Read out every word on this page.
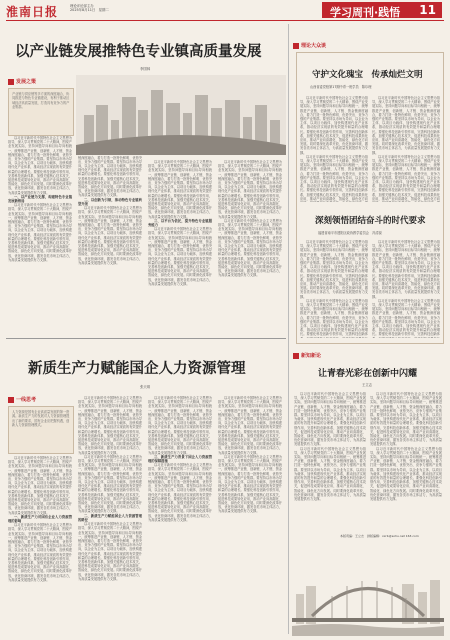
淮南日报	理论评论部主办
2025年8月11日　星期二	学习周刊·践悟 11
以产业链发展推特色专业镇高质量发展
李国林
发展之策
产业链与供应链等多方面的深度融合，协同推进与特色专业镇建设，有利于推动区域经济高质量发展，打造具有竞争力的产业集群。

以习近平新时代中国特色社会主义思想为指导，深入学习贯彻党的二十大精神，围绕产业发展实际，坚持问题导向和目标导向相统一，统筹推进产业链、创新链、人才链、资金链深度融合，着力打造一批特色鲜明、优势突出、竞争力强的产业集群。要坚持以市场为导向，以企业为主体，以项目为载体，加快构建现代化产业体系，推动经济实现质的有效提升和量的合理增长。要强化科技创新引领作用，完善科技创新体系，加强关键核心技术攻关，促进科技成果转化应用，推动产业向高端化、智能化、绿色化方向发展。同时要深化改革开放，优化营商环境，激发各类市场主体活力，为高质量发展提供有力支撑。

一、以产业链为支撑，构建特色专业镇发展新格局

以习近平新时代中国特色社会主义思想为指导，深入学习贯彻党的二十大精神，围绕产业发展实际，坚持问题导向和目标导向相统一，统筹推进产业链、创新链、人才链、资金链深度融合，着力打造一批特色鲜明、优势突出、竞争力强的产业集群。要坚持以市场为导向，以企业为主体，以项目为载体，加快构建现代化产业体系，推动经济实现质的有效提升和量的合理增长。要强化科技创新引领作用，完善科技创新体系，加强关键核心技术攻关，促进科技成果转化应用，推动产业向高端化、智能化、绿色化方向发展。同时要深化改革开放，优化营商环境，激发各类市场主体活力，为高质量发展提供有力支撑。

链深度融合，着力打造一批特色鲜明、优势突出、竞争力强的产业集群。要坚持以市场为导向，以企业为主体，以项目为载体，加快构建现代化产业体系，推动经济实现质的有效提升和量的合理增长。要强化科技创新引领作用，完善科技创新体系，加强关键核心技术攻关，促进科技成果转化应用，推动产业向高端化、智能化、绿色化方向发展。同时要深化改革开放，优化营商环境，激发各类市场主体活力，为高质量发展提供有力支撑。

二、以创新为引领，推动特色专业镇转型升级

以习近平新时代中国特色社会主义思想为指导，深入学习贯彻党的二十大精神，围绕产业发展实际，坚持问题导向和目标导向相统一，统筹推进产业链、创新链、人才链、资金链深度融合，着力打造一批特色鲜明、优势突出、竞争力强的产业集群。要坚持以市场为导向，以企业为主体，以项目为载体，加快构建现代化产业体系，推动经济实现质的有效提升和量的合理增长。要强化科技创新引领作用，完善科技创新体系，加强关键核心技术攻关，促进科技成果转化应用，推动产业向高端化、智能化、绿色化方向发展。同时要深化改革开放，优化营商环境，激发各类市场主体活力，为高质量发展提供有力支撑。

以习近平新时代中国特色社会主义思想为指导，深入学习贯彻党的二十大精神，围绕产业发展实际，坚持问题导向和目标导向相统一，统筹推进产业链、创新链、人才链、资金链深度融合，着力打造一批特色鲜明、优势突出、竞争力强的产业集群。要坚持以市场为导向，以企业为主体，以项目为载体，加快构建现代化产业体系，推动经济实现质的有效提升和量的合理增长。要强化科技创新引领作用，完善科技创新体系，加强关键核心技术攻关，促进科技成果转化应用，推动产业向高端化、智能化、绿色化方向发展。同时要深化改革开放，优化营商环境，激发各类市场主体活力，为高质量发展提供有力支撑。

三、以平台为依托，提升特色专业镇服务能力

以习近平新时代中国特色社会主义思想为指导，深入学习贯彻党的二十大精神，围绕产业发展实际，坚持问题导向和目标导向相统一，统筹推进产业链、创新链、人才链、资金链深度融合，着力打造一批特色鲜明、优势突出、竞争力强的产业集群。要坚持以市场为导向，以企业为主体，以项目为载体，加快构建现代化产业体系，推动经济实现质的有效提升和量的合理增长。要强化科技创新引领作用，完善科技创新体系，加强关键核心技术攻关，促进科技成果转化应用，推动产业向高端化、智能化、绿色化方向发展。同时要深化改革开放，优化营商环境，激发各类市场主体活力，为高质量发展提供有力支撑。

以习近平新时代中国特色社会主义思想为指导，深入学习贯彻党的二十大精神，围绕产业发展实际，坚持问题导向和目标导向相统一，统筹推进产业链、创新链、人才链、资金链深度融合，着力打造一批特色鲜明、优势突出、竞争力强的产业集群。要坚持以市场为导向，以企业为主体，以项目为载体，加快构建现代化产业体系，推动经济实现质的有效提升和量的合理增长。要强化科技创新引领作用，完善科技创新体系，加强关键核心技术攻关，促进科技成果转化应用，推动产业向高端化、智能化、绿色化方向发展。同时要深化改革开放，优化营商环境，激发各类市场主体活力，为高质量发展提供有力支撑。

以习近平新时代中国特色社会主义思想为指导，深入学习贯彻党的二十大精神，围绕产业发展实际，坚持问题导向和目标导向相统一，统筹推进产业链、创新链、人才链、资金链深度融合，着力打造一批特色鲜明、优势突出、竞争力强的产业集群。要坚持以市场为导向，以企业为主体，以项目为载体，加快构建现代化产业体系，推动经济实现质的有效提升和量的合理增长。要强化科技创新引领作用，完善科技创新体系，加强关键核心技术攻关，促进科技成果转化应用，推动产业向高端化、智能化、绿色化方向发展。同时要深化改革开放，优化营商环境，激发各类市场主体活力，为高质量发展提供有力支撑。

新质生产力赋能国企人力资源管理
张天琪
一线思考
人力资源是国有企业高质量发展的第一资源。新质生产力的发展对人力资源管理提出了新的要求，国有企业应把握机遇，创新人力资源管理模式。

以习近平新时代中国特色社会主义思想为指导，深入学习贯彻党的二十大精神，围绕产业发展实际，坚持问题导向和目标导向相统一，统筹推进产业链、创新链、人才链、资金链深度融合，着力打造一批特色鲜明、优势突出、竞争力强的产业集群。要坚持以市场为导向，以企业为主体，以项目为载体，加快构建现代化产业体系，推动经济实现质的有效提升和量的合理增长。要强化科技创新引领作用，完善科技创新体系，加强关键核心技术攻关，促进科技成果转化应用，推动产业向高端化、智能化、绿色化方向发展。同时要深化改革开放，优化营商环境，激发各类市场主体活力，为高质量发展提供有力支撑。

一、新质生产力对国有企业人力资源管理的影响

以习近平新时代中国特色社会主义思想为指导，深入学习贯彻党的二十大精神，围绕产业发展实际，坚持问题导向和目标导向相统一，统筹推进产业链、创新链、人才链、资金链深度融合，着力打造一批特色鲜明、优势突出、竞争力强的产业集群。要坚持以市场为导向，以企业为主体，以项目为载体，加快构建现代化产业体系，推动经济实现质的有效提升和量的合理增长。要强化科技创新引领作用，完善科技创新体系，加强关键核心技术攻关，促进科技成果转化应用，推动产业向高端化、智能化、绿色化方向发展。同时要深化改革开放，优化营商环境，激发各类市场主体活力，为高质量发展提供有力支撑。

以习近平新时代中国特色社会主义思想为指导，深入学习贯彻党的二十大精神，围绕产业发展实际，坚持问题导向和目标导向相统一，统筹推进产业链、创新链、人才链、资金链深度融合，着力打造一批特色鲜明、优势突出、竞争力强的产业集群。要坚持以市场为导向，以企业为主体，以项目为载体，加快构建现代化产业体系，推动经济实现质的有效提升和量的合理增长。要强化科技创新引领作用，完善科技创新体系，加强关键核心技术攻关，促进科技成果转化应用，推动产业向高端化、智能化、绿色化方向发展。同时要深化改革开放，优化营商环境，激发各类市场主体活力，为高质量发展提供有力支撑。

以习近平新时代中国特色社会主义思想为指导，深入学习贯彻党的二十大精神，围绕产业发展实际，坚持问题导向和目标导向相统一，统筹推进产业链、创新链、人才链、资金链深度融合，着力打造一批特色鲜明、优势突出、竞争力强的产业集群。要坚持以市场为导向，以企业为主体，以项目为载体，加快构建现代化产业体系，推动经济实现质的有效提升和量的合理增长。要强化科技创新引领作用，完善科技创新体系，加强关键核心技术攻关，促进科技成果转化应用，推动产业向高端化、智能化、绿色化方向发展。同时要深化改革开放，优化营商环境，激发各类市场主体活力，为高质量发展提供有力支撑。

二、新质生产力赋能国企人力资源管理的路径

以习近平新时代中国特色社会主义思想为指导，深入学习贯彻党的二十大精神，围绕产业发展实际，坚持问题导向和目标导向相统一，统筹推进产业链、创新链、人才链、资金链深度融合，着力打造一批特色鲜明、优势突出、竞争力强的产业集群。要坚持以市场为导向，以企业为主体，以项目为载体，加快构建现代化产业体系，推动经济实现质的有效提升和量的合理增长。要强化科技创新引领作用，完善科技创新体系，加强关键核心技术攻关，促进科技成果转化应用，推动产业向高端化、智能化、绿色化方向发展。同时要深化改革开放，优化营商环境，激发各类市场主体活力，为高质量发展提供有力支撑。

以习近平新时代中国特色社会主义思想为指导，深入学习贯彻党的二十大精神，围绕产业发展实际，坚持问题导向和目标导向相统一，统筹推进产业链、创新链、人才链、资金链深度融合，着力打造一批特色鲜明、优势突出、竞争力强的产业集群。要坚持以市场为导向，以企业为主体，以项目为载体，加快构建现代化产业体系，推动经济实现质的有效提升和量的合理增长。要强化科技创新引领作用，完善科技创新体系，加强关键核心技术攻关，促进科技成果转化应用，推动产业向高端化、智能化、绿色化方向发展。同时要深化改革开放，优化营商环境，激发各类市场主体活力，为高质量发展提供有力支撑。

三、新质生产力背景下国企人力资源管理的保障措施

以习近平新时代中国特色社会主义思想为指导，深入学习贯彻党的二十大精神，围绕产业发展实际，坚持问题导向和目标导向相统一，统筹推进产业链、创新链、人才链、资金链深度融合，着力打造一批特色鲜明、优势突出、竞争力强的产业集群。要坚持以市场为导向，以企业为主体，以项目为载体，加快构建现代化产业体系，推动经济实现质的有效提升和量的合理增长。要强化科技创新引领作用，完善科技创新体系，加强关键核心技术攻关，促进科技成果转化应用，推动产业向高端化、智能化、绿色化方向发展。同时要深化改革开放，优化营商环境，激发各类市场主体活力，为高质量发展提供有力支撑。

以习近平新时代中国特色社会主义思想为指导，深入学习贯彻党的二十大精神，围绕产业发展实际，坚持问题导向和目标导向相统一，统筹推进产业链、创新链、人才链、资金链深度融合，着力打造一批特色鲜明、优势突出、竞争力强的产业集群。要坚持以市场为导向，以企业为主体，以项目为载体，加快构建现代化产业体系，推动经济实现质的有效提升和量的合理增长。要强化科技创新引领作用，完善科技创新体系，加强关键核心技术攻关，促进科技成果转化应用，推动产业向高端化、智能化、绿色化方向发展。同时要深化改革开放，优化营商环境，激发各类市场主体活力，为高质量发展提供有力支撑。

以习近平新时代中国特色社会主义思想为指导，深入学习贯彻党的二十大精神，围绕产业发展实际，坚持问题导向和目标导向相统一，统筹推进产业链、创新链、人才链、资金链深度融合，着力打造一批特色鲜明、优势突出、竞争力强的产业集群。要坚持以市场为导向，以企业为主体，以项目为载体，加快构建现代化产业体系，推动经济实现质的有效提升和量的合理增长。要强化科技创新引领作用，完善科技创新体系，加强关键核心技术攻关，促进科技成果转化应用，推动产业向高端化、智能化、绿色化方向发展。同时要深化改革开放，优化营商环境，激发各类市场主体活力，为高质量发展提供有力支撑。

理论大众谈
守护文化瑰宝　传承灿烂文明
山西省委党校第17期中青一班学员　陈尔理

以习近平新时代中国特色社会主义思想为指导，深入学习贯彻党的二十大精神，围绕产业发展实际，坚持问题导向和目标导向相统一，统筹推进产业链、创新链、人才链、资金链深度融合，着力打造一批特色鲜明、优势突出、竞争力强的产业集群。要坚持以市场为导向，以企业为主体，以项目为载体，加快构建现代化产业体系，推动经济实现质的有效提升和量的合理增长。要强化科技创新引领作用，完善科技创新体系，加强关键核心技术攻关，促进科技成果转化应用，推动产业向高端化、智能化、绿色化方向发展。同时要深化改革开放，优化营商环境，激发各类市场主体活力，为高质量发展提供有力支撑。

以习近平新时代中国特色社会主义思想为指导，深入学习贯彻党的二十大精神，围绕产业发展实际，坚持问题导向和目标导向相统一，统筹推进产业链、创新链、人才链、资金链深度融合，着力打造一批特色鲜明、优势突出、竞争力强的产业集群。要坚持以市场为导向，以企业为主体，以项目为载体，加快构建现代化产业体系，推动经济实现质的有效提升和量的合理增长。要强化科技创新引领作用，完善科技创新体系，加强关键核心技术攻关，促进科技成果转化应用，推动产业向高端化、智能化、绿色化方向

以习近平新时代中国特色社会主义思想为指导，深入学习贯彻党的二十大精神，围绕产业发展实际，坚持问题导向和目标导向相统一，统筹推进产业链、创新链、人才链、资金链深度融合，着力打造一批特色鲜明、优势突出、竞争力强的产业集群。要坚持以市场为导向，以企业为主体，以项目为载体，加快构建现代化产业体系，推动经济实现质的有效提升和量的合理增长。要强化科技创新引领作用，完善科技创新体系，加强关键核心技术攻关，促进科技成果转化应用，推动产业向高端化、智能化、绿色化方向发展。同时要深化改革开放，优化营商环境，激发各类市场主体活力，为高质量发展提供有力支撑。

以习近平新时代中国特色社会主义思想为指导，深入学习贯彻党的二十大精神，围绕产业发展实际，坚持问题导向和目标导向相统一，统筹推进产业链、创新链、人才链、资金链深度融合，着力打造一批特色鲜明、优势突出、竞争力强的产业集群。要坚持以市场为导向，以企业为主体，以项目为载体，加快构建现代化产业体系，推动经济实现质的有效提升和量的合理增长。要强化科技创新引领作用，完善科技创新体系，加强关键核心技术攻关，促进科技成果转化应用，推动产业向高端化、智能化、绿色化方向

深刻领悟团结奋斗的时代要求
福建省南平市建阳区政协教学委员会　冯清禄

以习近平新时代中国特色社会主义思想为指导，深入学习贯彻党的二十大精神，围绕产业发展实际，坚持问题导向和目标导向相统一，统筹推进产业链、创新链、人才链、资金链深度融合，着力打造一批特色鲜明、优势突出、竞争力强的产业集群。要坚持以市场为导向，以企业为主体，以项目为载体，加快构建现代化产业体系，推动经济实现质的有效提升和量的合理增长。要强化科技创新引领作用，完善科技创新体系，加强关键核心技术攻关，促进科技成果转化应用，推动产业向高端化、智能化、绿色化方向发展。同时要深化改革开放，优化营商环境，激发各类市场主体活力，为高质量发展提供有力支撑。

以习近平新时代中国特色社会主义思想为指导，深入学习贯彻党的二十大精神，围绕产业发展实际，坚持问题导向和目标导向相统一，统筹推进产业链、创新链、人才链、资金链深度融合，着力打造一批特色鲜明、优势突出、竞争力强的产业集群。要坚持以市场为导向，以企业为主体，以项目为载体，加快构建现代化产业体系，推动经济实现质的有效提升和量的合理增长。要强化科技创新引领作用，完善科技创新体

以习近平新时代中国特色社会主义思想为指导，深入学习贯彻党的二十大精神，围绕产业发展实际，坚持问题导向和目标导向相统一，统筹推进产业链、创新链、人才链、资金链深度融合，着力打造一批特色鲜明、优势突出、竞争力强的产业集群。要坚持以市场为导向，以企业为主体，以项目为载体，加快构建现代化产业体系，推动经济实现质的有效提升和量的合理增长。要强化科技创新引领作用，完善科技创新体系，加强关键核心技术攻关，促进科技成果转化应用，推动产业向高端化、智能化、绿色化方向发展。同时要深化改革开放，优化营商环境，激发各类市场主体活力，为高质量发展提供有力支撑。

以习近平新时代中国特色社会主义思想为指导，深入学习贯彻党的二十大精神，围绕产业发展实际，坚持问题导向和目标导向相统一，统筹推进产业链、创新链、人才链、资金链深度融合，着力打造一批特色鲜明、优势突出、竞争力强的产业集群。要坚持以市场为导向，以企业为主体，以项目为载体，加快构建现代化产业体系，推动经济实现质的有效提升和量的合理增长。要强化科技创新引领作用，完善科技创新体

新知新论
让青春光彩在创新中闪耀
王立志

以习近平新时代中国特色社会主义思想为指导，深入学习贯彻党的二十大精神，围绕产业发展实际，坚持问题导向和目标导向相统一，统筹推进产业链、创新链、人才链、资金链深度融合，着力打造一批特色鲜明、优势突出、竞争力强的产业集群。要坚持以市场为导向，以企业为主体，以项目为载体，加快构建现代化产业体系，推动经济实现质的有效提升和量的合理增长。要强化科技创新引领作用，完善科技创新体系，加强关键核心技术攻关，促进科技成果转化应用，推动产业向高端化、智能化、绿色化方向发展。同时要深化改革开放，优化营商环境，激发各类市场主体活力，为高质量发展提供有力支撑。

以习近平新时代中国特色社会主义思想为指导，深入学习贯彻党的二十大精神，围绕产业发展实际，坚持问题导向和目标导向相统一，统筹推进产业链、创新链、人才链、资金链深度融合，着力打造一批特色鲜明、优势突出、竞争力强的产业集群。要坚持以市场为导向，以企业为主体，以项目为载体，加快构建现代化产业体系，推动经济实现质的有效提升和量的合理增长。要强化科技创新引领作用，完善科技创新体系，加强关键核心技术攻关，促进科技成果转化应用，推动产业向高端化、智能化、绿色化方向发展。同时要深化改革开放，优化营商环境，激发各类市场主体活力，为高质量发展提供有力支撑。

以习近平新时代中国特色社会主义思想为指导，深入学习贯彻党的二十大精神，围绕产业发展实际，坚持问题导向和目标导向相统一，统筹推进产业链、创新链、人才链、资金链深度融合，着力打造一批特色鲜明、优势突出、竞争力强的产业集群。要坚持以市场为导向，以企业为主体，以项目为载体，加快构建现代化产业体系，推动经济实现质的有效提升和量的合理增长。要强化科技创新引领作用，完善科技创新体系，加强关键核心技术攻关，促进科技成果转化应用，推动产业向高端化、智能化、绿色化方向发展。同时要深化改革开放，优化营商环境，激发各类市场主体活力，为高质量发展提供有力支撑。

以习近平新时代中国特色社会主义思想为指导，深入学习贯彻党的二十大精神，围绕产业发展实际，坚持问题导向和目标导向相统一，统筹推进产业链、创新链、人才链、资金链深度融合，着力打造一批特色鲜明、优势突出、竞争力强的产业集群。要坚持以市场为导向，以企业为主体，以项目为载体，加快构建现代化产业体系，推动经济实现质的有效提升和量的合理增长。要强化科技创新引领作用，完善科技创新体系，加强关键核心技术攻关，促进科技成果转化应用，推动产业向高端化、智能化、绿色化方向发展。同时要深化改革开放，优化营商环境，激发各类市场主体活力，为高质量发展提供有力支撑。

本版责编：王立志　排版编辑：xxrb@sohu.net 163.com
